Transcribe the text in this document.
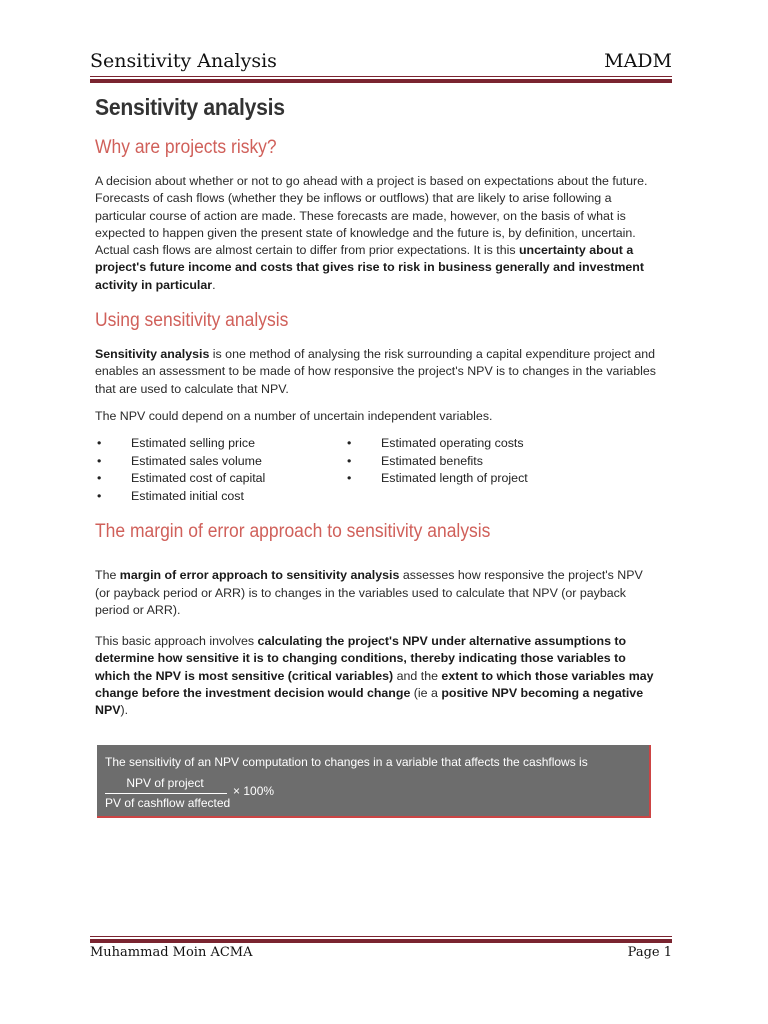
Sensitivity Analysis	MADM
Sensitivity analysis
Why are projects risky?

A decision about whether or not to go ahead with a project is based on expectations about the future. Forecasts of cash flows (whether they be inflows or outflows) that are likely to arise following a particular course of action are made. These forecasts are made, however, on the basis of what is expected to happen given the present state of knowledge and the future is, by definition, uncertain. Actual cash flows are almost certain to differ from prior expectations. It is this uncertainty about a project's future income and costs that gives rise to risk in business generally and investment activity in particular.

Using sensitivity analysis

Sensitivity analysis is one method of analysing the risk surrounding a capital expenditure project and enables an assessment to be made of how responsive the project's NPV is to changes in the variables that are used to calculate that NPV.

The NPV could depend on a number of uncertain independent variables.

• Estimated selling price
• Estimated sales volume
• Estimated cost of capital
• Estimated initial cost
• Estimated operating costs
• Estimated benefits
• Estimated length of project
The margin of error approach to sensitivity analysis

The margin of error approach to sensitivity analysis assesses how responsive the project's NPV (or payback period or ARR) is to changes in the variables used to calculate that NPV (or payback period or ARR).

This basic approach involves calculating the project's NPV under alternative assumptions to determine how sensitive it is to changing conditions, thereby indicating those variables to which the NPV is most sensitive (critical variables) and the extent to which those variables may change before the investment decision would change (ie a positive NPV becoming a negative NPV).

The sensitivity of an NPV computation to changes in a variable that affects the cashflows is
NPV of project
PV of cashflow affected
× 100%
Muhammad Moin ACMA	Page 1
